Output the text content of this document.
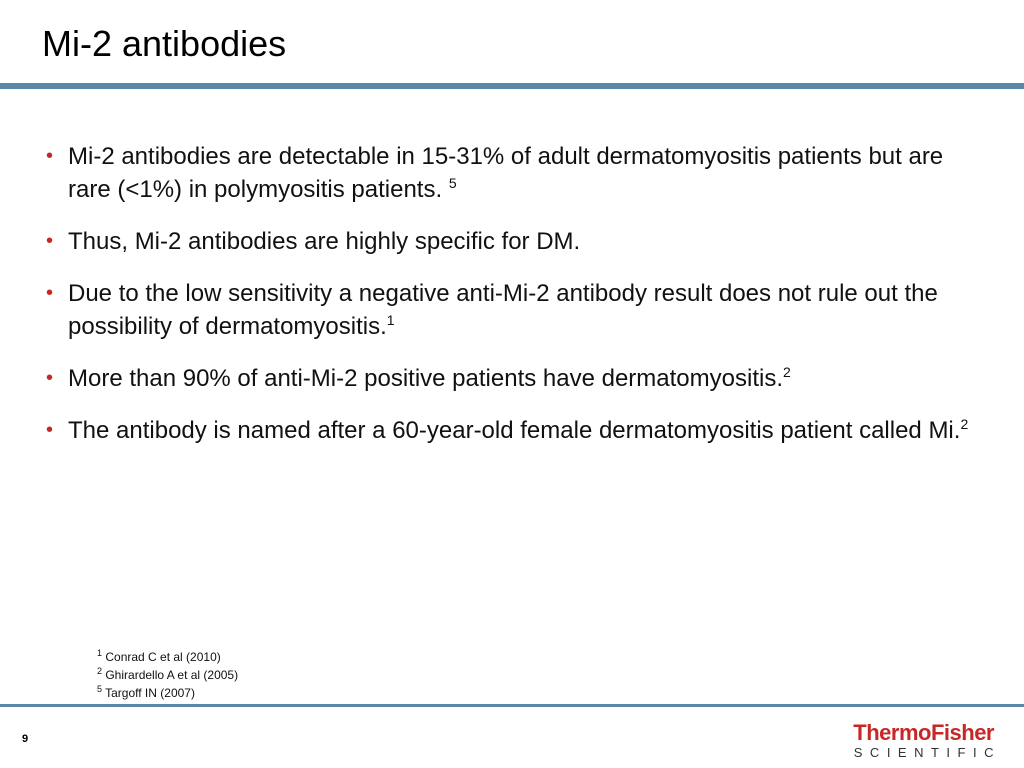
Mi-2 antibodies
• Mi-2 antibodies are detectable in 15-31% of adult dermatomyositis patients but are rare (<1%) in polymyositis patients. $^5$
• Thus, Mi-2 antibodies are highly specific for DM.
• Due to the low sensitivity a negative anti-Mi-2 antibody result does not rule out the possibility of dermatomyositis.$^1$
• More than 90% of anti-Mi-2 positive patients have dermatomyositis.$^2$
• The antibody is named after a 60-year-old female dermatomyositis patient called Mi.$^2$
$^1$ Conrad C et al (2010)
$^2$ Ghirardello A et al (2005)
$^5$ Targoff IN (2007)
9	ThermoFisher
SCIENTIFIC
